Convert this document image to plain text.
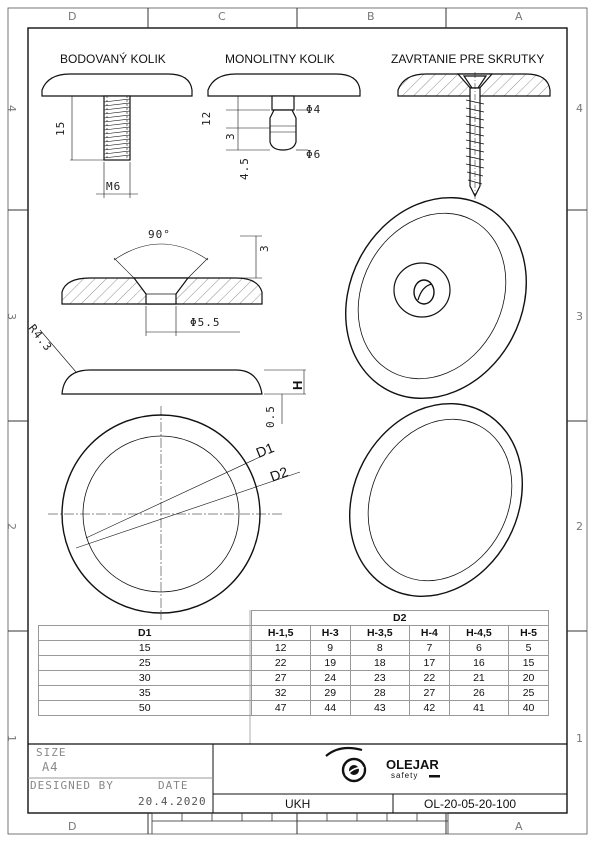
D	C	B	A
D	A
4
3
2
1
4
3
2
1
BODOVANÝ KOLIK	MONOLITNY KOLIK	ZAVRTANIE PRE SKRUTKY
15
M6
12
3
4.5
Φ4
Φ6
90°
3
Φ5.5
R4.3
H
0.5
D1
D2
	D2					
D1	H-1,5	H-3	H-3,5	H-4	H-4,5	H-5
15	12	9	8	7	6	5
25	22	19	18	17	16	15
30	27	24	23	22	21	20
35	32	29	28	27	26	25
50	47	44	43	42	41	40
SIZE
A4
DESIGNED BY	DATE
20.4.2020	UKH	OL-20-05-20-100
OLEJAR
safety
